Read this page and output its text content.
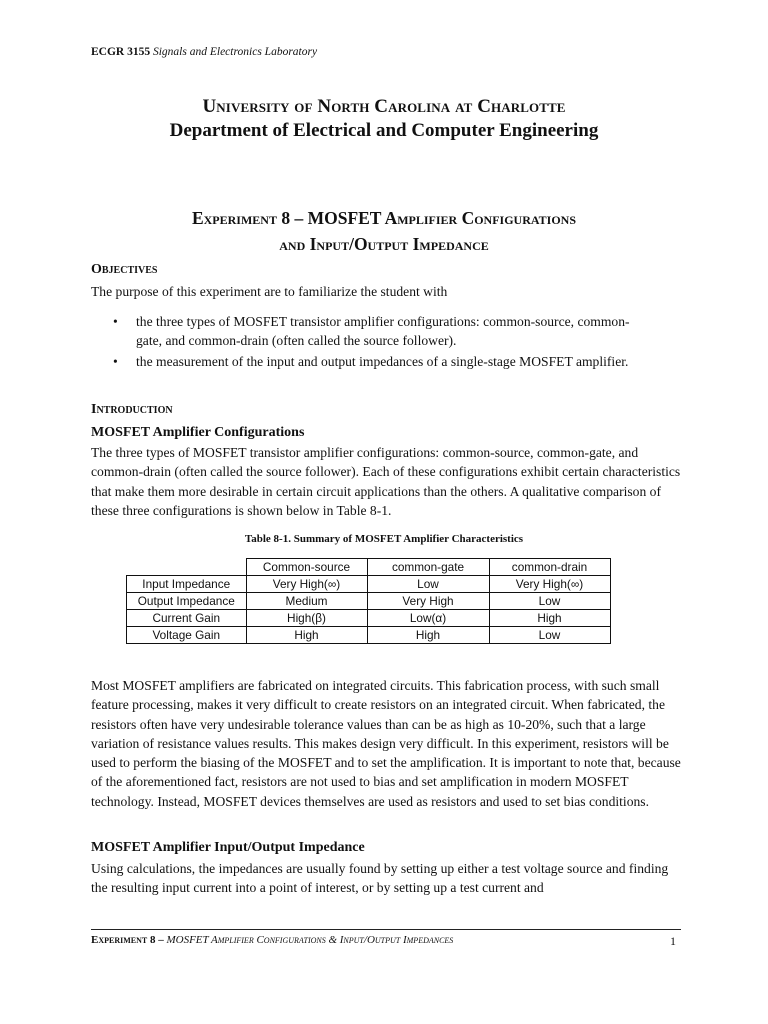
ECGR 3155 Signals and Electronics Laboratory
University of North Carolina at Charlotte
Department of Electrical and Computer Engineering
Experiment 8 – MOSFET Amplifier Configurations
and Input/Output Impedance
Objectives
The purpose of this experiment are to familiarize the student with
• the three types of MOSFET transistor amplifier configurations: common-source, common-gate, and common-drain (often called the source follower).
• the measurement of the input and output impedances of a single-stage MOSFET amplifier.
Introduction
MOSFET Amplifier Configurations
The three types of MOSFET transistor amplifier configurations: common-source, common-gate, and common-drain (often called the source follower). Each of these configurations exhibit certain characteristics that make them more desirable in certain circuit applications than the others. A qualitative comparison of these three configurations is shown below in Table 8-1.
Table 8-1. Summary of MOSFET Amplifier Characteristics
	Common-source	common-gate	common-drain
Input Impedance	Very High(∞)	Low	Very High(∞)
Output Impedance	Medium	Very High	Low
Current Gain	High(β)	Low(α)	High
Voltage Gain	High	High	Low
Most MOSFET amplifiers are fabricated on integrated circuits. This fabrication process, with such small feature processing, makes it very difficult to create resistors on an integrated circuit. When fabricated, the resistors often have very undesirable tolerance values than can be as high as 10-20%, such that a large variation of resistance values results. This makes design very difficult. In this experiment, resistors will be used to perform the biasing of the MOSFET and to set the amplification. It is important to note that, because of the aforementioned fact, resistors are not used to bias and set amplification in modern MOSFET technology. Instead, MOSFET devices themselves are used as resistors and used to set bias conditions.
MOSFET Amplifier Input/Output Impedance
Using calculations, the impedances are usually found by setting up either a test voltage source and finding the resulting input current into a point of interest, or by setting up a test current and
Experiment 8 – MOSFET Amplifier Configurations & Input/Output Impedances	1
